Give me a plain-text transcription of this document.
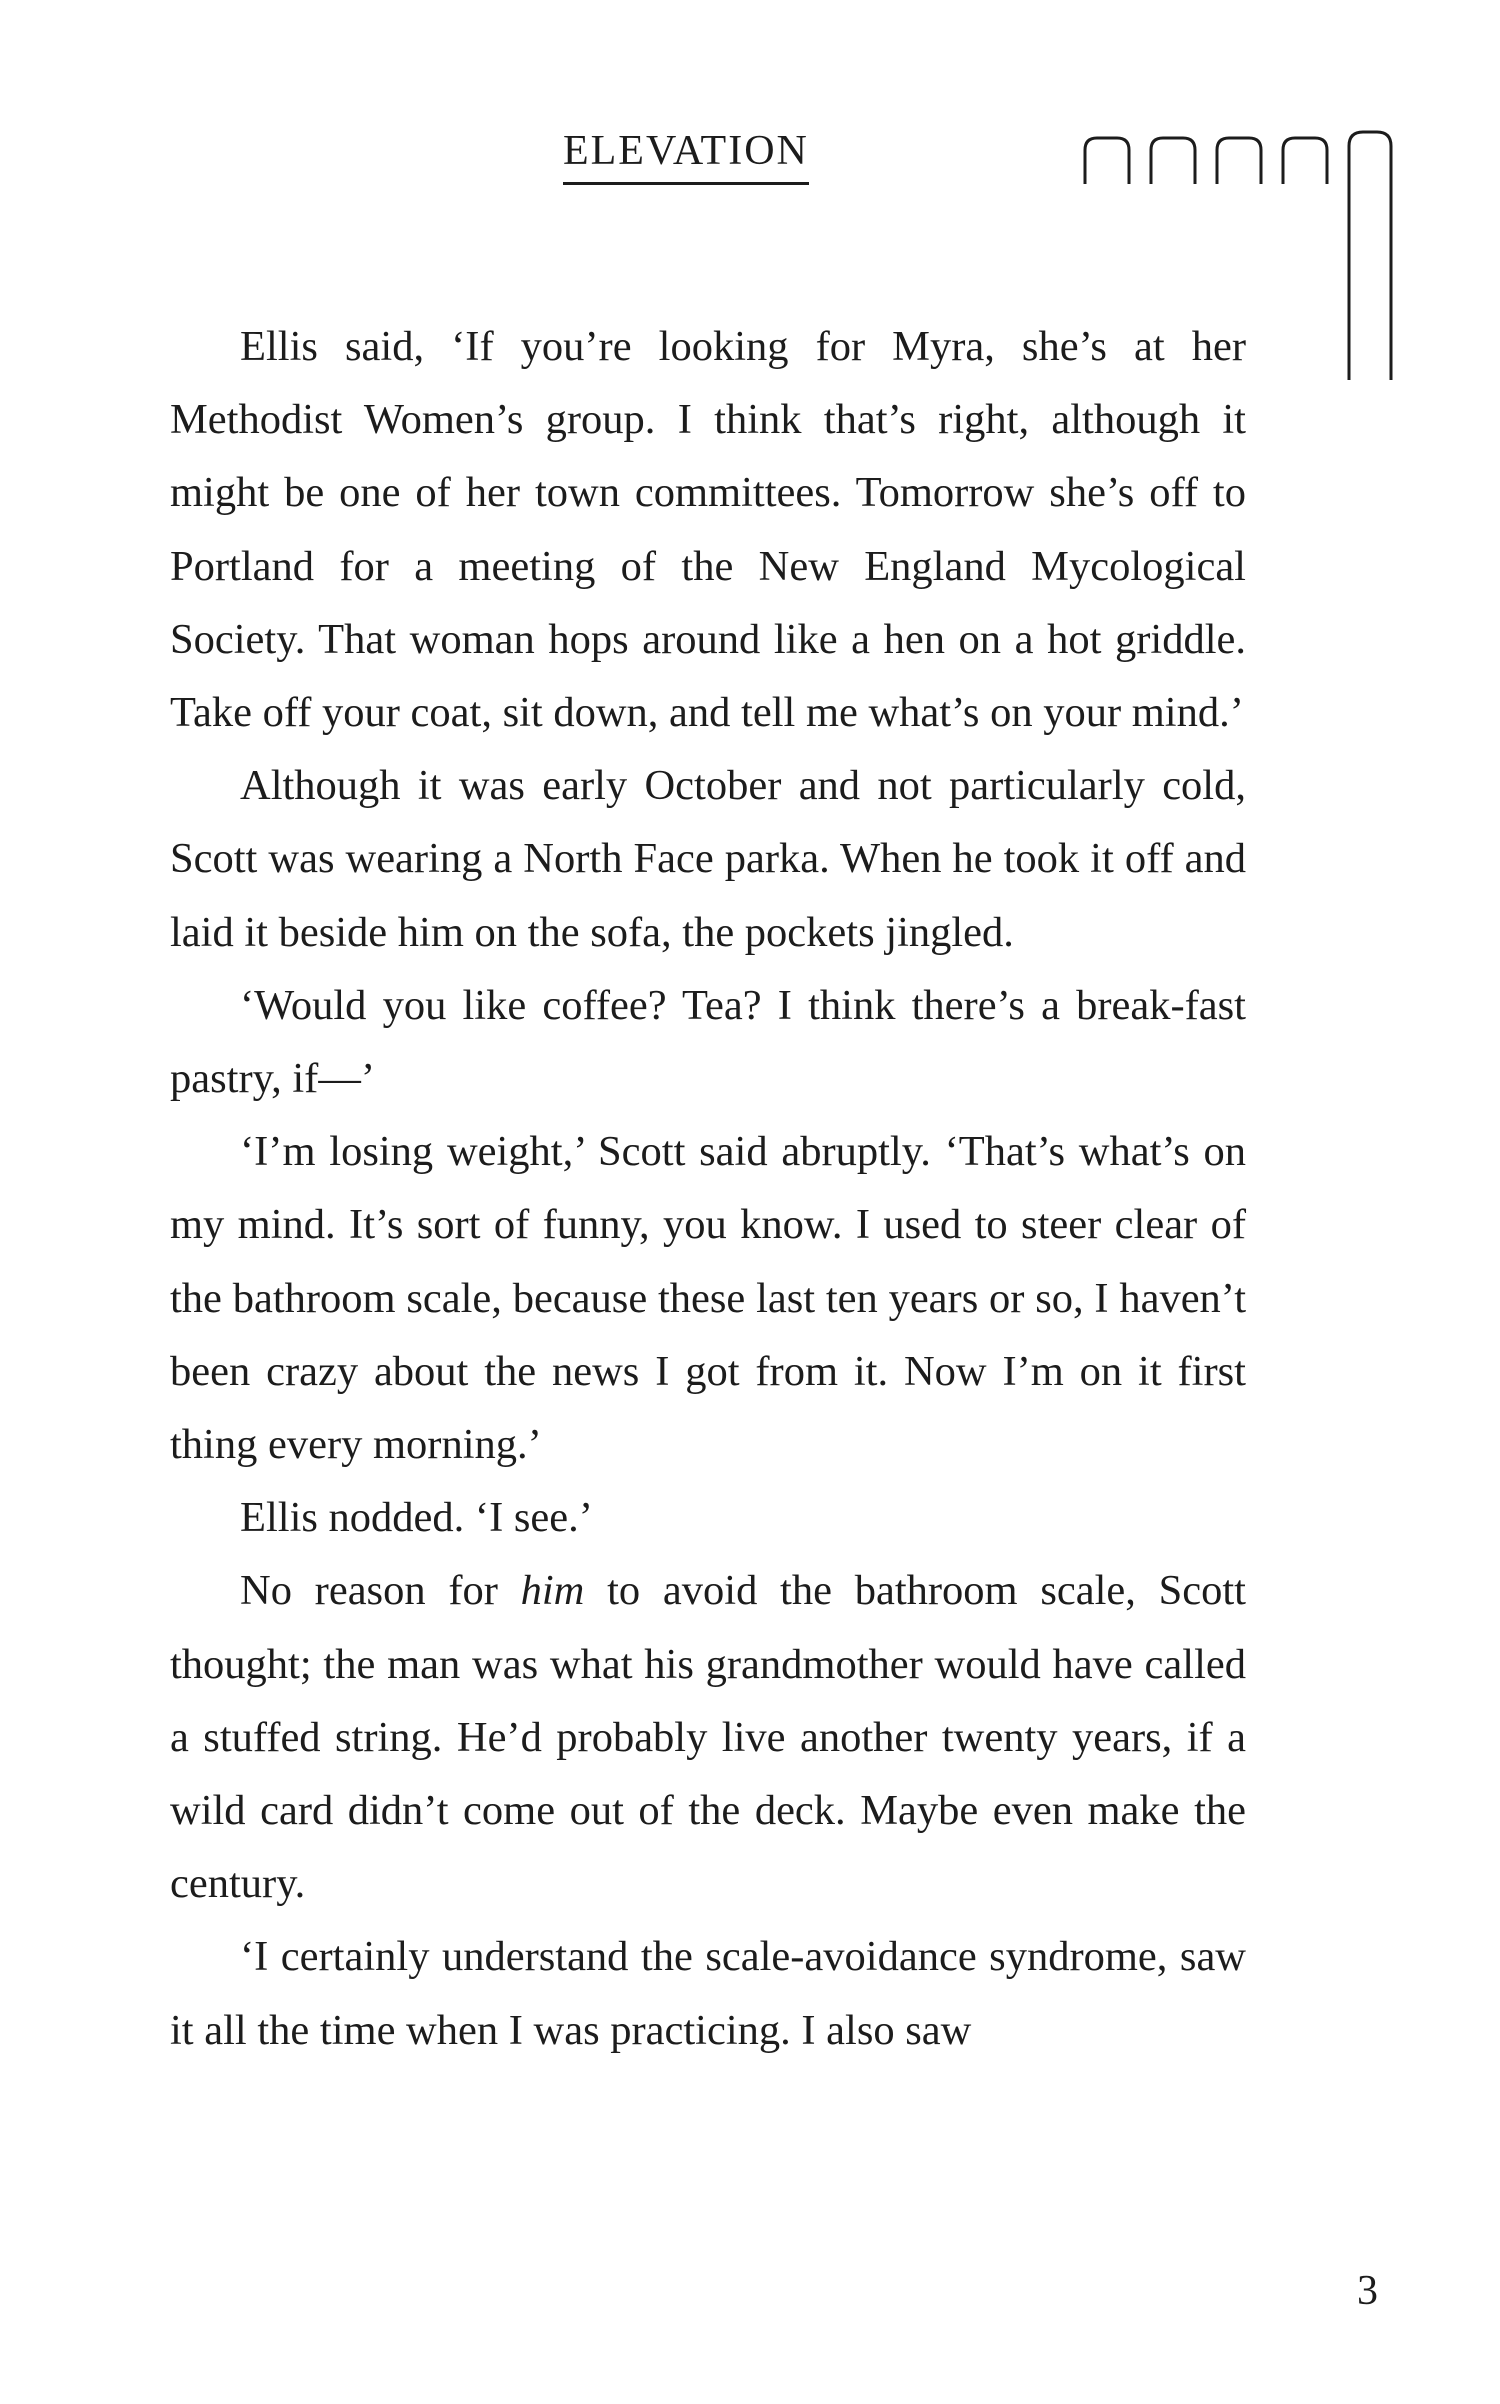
ELEVATION

Ellis said, ‘If you’re looking for Myra, she’s at her Methodist Women’s group. I think that’s right, although it might be one of her town committees. Tomorrow she’s off to Portland for a meeting of the New England Mycological Society. That woman hops around like a hen on a hot griddle. Take off your coat, sit down, and tell me what’s on your mind.’

Although it was early October and not particularly cold, Scott was wearing a North Face parka. When he took it off and laid it beside him on the sofa, the pockets jingled.

‘Would you like coffee? Tea? I think there’s a break-fast pastry, if—’

‘I’m losing weight,’ Scott said abruptly. ‘That’s what’s on my mind. It’s sort of funny, you know. I used to steer clear of the bathroom scale, because these last ten years or so, I haven’t been crazy about the news I got from it. Now I’m on it first thing every morning.’

Ellis nodded. ‘I see.’

No reason for him to avoid the bathroom scale, Scott thought; the man was what his grandmother would have called a stuffed string. He’d probably live another twenty years, if a wild card didn’t come out of the deck. Maybe even make the century.

‘I certainly understand the scale-avoidance syndrome, saw it all the time when I was practicing. I also saw

3
